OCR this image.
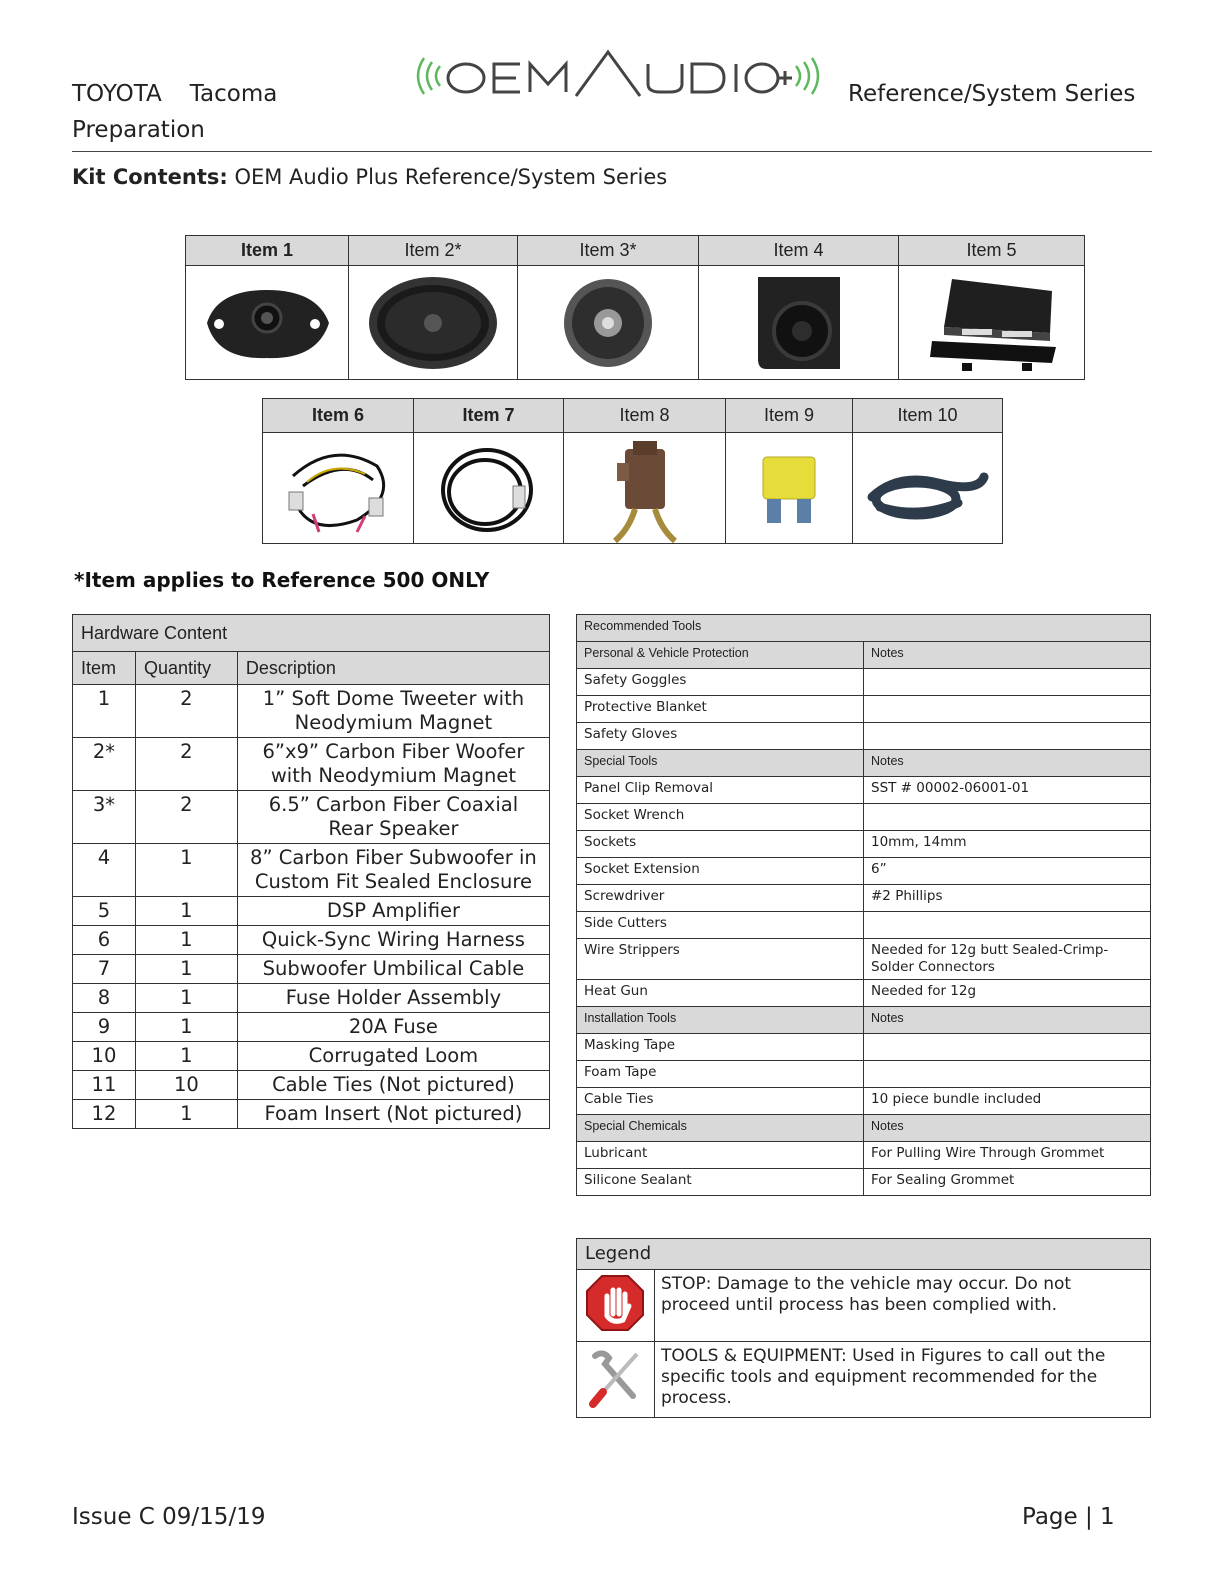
TOYOTA Tacoma
Preparation
Reference/System Series
Kit Contents: OEM Audio Plus Reference/System Series
Item 1	Item 2*	Item 3*	Item 4	Item 5

Item 6	Item 7	Item 8	Item 9	Item 10

*Item applies to Reference 500 ONLY
Hardware Content		
Item	Quantity	Description
1	2	1” Soft Dome Tweeter with
Neodymium Magnet

2*	2	6”x9” Carbon Fiber Woofer
with Neodymium Magnet

3*	2	6.5” Carbon Fiber Coaxial
Rear Speaker

4	1	8” Carbon Fiber Subwoofer in
Custom Fit Sealed Enclosure

5	1	DSP Amplifier
6	1	Quick-Sync Wiring Harness
7	1	Subwoofer Umbilical Cable
8	1	Fuse Holder Assembly
9	1	20A Fuse
10	1	Corrugated Loom
11	10	Cable Ties (Not pictured)
12	1	Foam Insert (Not pictured)
Recommended Tools	
Personal & Vehicle Protection	Notes
Safety Goggles	
Protective Blanket	
Safety Gloves	
Special Tools	Notes
Panel Clip Removal	SST # 00002-06001-01
Socket Wrench	
Sockets	10mm, 14mm
Socket Extension	6”
Screwdriver	#2 Phillips
Side Cutters	
Wire Strippers	Needed for 12g butt Sealed-Crimp-Solder Connectors
Heat Gun	Needed for 12g
Installation Tools	Notes
Masking Tape	
Foam Tape	
Cable Ties	10 piece bundle included
Special Chemicals	Notes
Lubricant	For Pulling Wire Through Grommet
Silicone Sealant	For Sealing Grommet
Legend	
	STOP: Damage to the vehicle may occur. Do not proceed until process has been complied with.
	TOOLS & EQUIPMENT: Used in Figures to call out the specific tools and equipment recommended for the process.
Issue C 09/15/19	Page | 1
